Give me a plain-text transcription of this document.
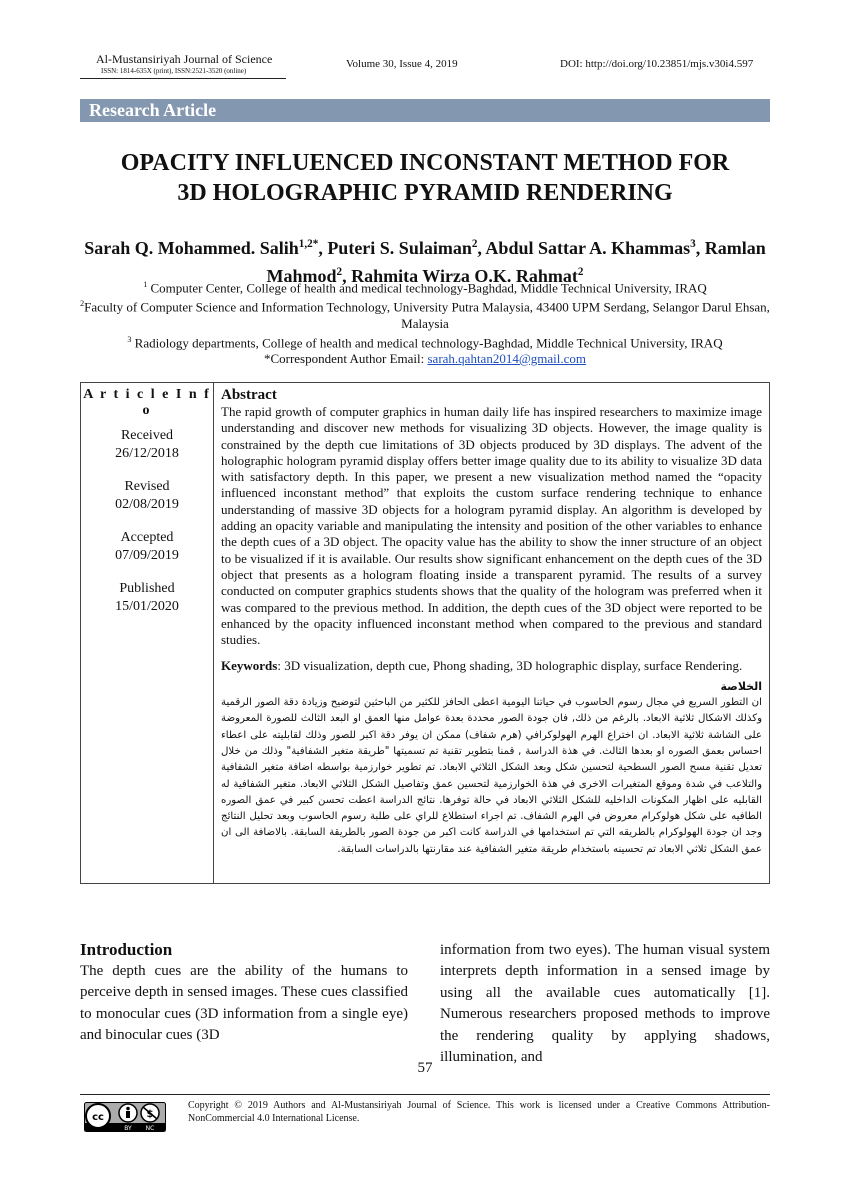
Al-Mustansiriyah Journal of Science
ISSN: 1814-635X (print), ISSN:2521-3520 (online)
Volume 30, Issue 4, 2019	DOI: http://doi.org/10.23851/mjs.v30i4.597
Research Article
OPACITY INFLUENCED INCONSTANT METHOD FOR
3D HOLOGRAPHIC PYRAMID RENDERING
Sarah Q. Mohammed. Salih$^{1,2*}$, Puteri S. Sulaiman$^2$, Abdul Sattar A. Khammas$^3$, Ramlan Mahmod$^2$, Rahmita Wirza O.K. Rahmat$^2$
$^1$ Computer Center, College of health and medical technology-Baghdad, Middle Technical University, IRAQ
$^2$Faculty of Computer Science and Information Technology, University Putra Malaysia, 43400 UPM Serdang, Selangor Darul Ehsan, Malaysia
$^3$ Radiology departments, College of health and medical technology-Baghdad, Middle Technical University, IRAQ
*Correspondent Author Email: sarah.qahtan2014@gmail.com
A r t i c l e I n f o
Received
26/12/2018
Revised
02/08/2019
Accepted
07/09/2019
Published
15/01/2020
Abstract
The rapid growth of computer graphics in human daily life has inspired researchers to maximize image understanding and discover new methods for visualizing 3D objects. However, the image quality is constrained by the depth cue limitations of 3D objects produced by 3D displays. The advent of the holographic hologram pyramid display offers better image quality due to its ability to visualize 3D data with satisfactory depth. In this paper, we present a new visualization method named the “opacity influenced inconstant method” that exploits the custom surface rendering technique to enhance understanding of massive 3D objects for a hologram pyramid display. An algorithm is developed by adding an opacity variable and manipulating the intensity and position of the other variables to enhance the depth cues of a 3D object. The opacity value has the ability to show the inner structure of an object to be visualized if it is available. Our results show significant enhancement on the depth cues of the 3D object that presents as a hologram floating inside a transparent pyramid. The results of a survey conducted on computer graphics students shows that the quality of the hologram was preferred when it was compared to the previous method. In addition, the depth cues of the 3D object were reported to be enhanced by the opacity influenced inconstant method when compared to the previous and standard studies.
Keywords: 3D visualization, depth cue, Phong shading, 3D holographic display, surface Rendering.
الخلاصة
ان التطور السريع في مجال رسوم الحاسوب في حياتنا اليومية اعطى الحافز للكثير من الباحثين لتوضيح وزيادة دقة الصور الرقمية وكذلك الاشكال ثلاثية الابعاد. بالرغم من ذلك, فان جودة الصور محددة بعدة عوامل منها العمق او البعد الثالث للصورة المعروضة على الشاشة ثلاثية الابعاد. ان اختراع الهرم الهولوكرافي (هرم شفاف) ممكن ان يوفر دقة اكبر للصور وذلك لقابليته على اعطاء احساس بعمق الصوره او بعدها الثالث. في هذة الدراسة , قمنا بتطوير تقنية تم تسميتها "طريقة متغير الشفافية" وذلك من خلال تعديل تقنية مسح الصور السطحية لتحسين شكل وبعد الشكل الثلاثي الابعاد. تم تطوير خوارزمية بواسطه اضافة متغير الشفافية والتلاعب في شدة وموقع المتغيرات الاخرى في هذة الخوارزمية لتحسين عمق وتفاصيل الشكل الثلاثي الابعاد. متغير الشفافية له القابليه على اظهار المكونات الداخليه للشكل الثلاثي الابعاد في حالة توفرها. نتائج الدراسة اعطت تحسن كبير في عمق الصوره الطافيه على شكل هولوكرام معروض في الهرم الشفاف. تم اجراء استطلاع للراي على طلبة رسوم الحاسوب وبعد تحليل النتائج وجد ان جودة الهولوكرام بالطريقه التي تم استخدامها في الدراسة كانت اكبر من جودة الصور بالطريقة السابقة. بالاضافة الى ان عمق الشكل ثلاثي الابعاد تم تحسينه باستخدام طريقة متغير الشفافية عند مقارنتها بالدراسات السابقة.
Introduction
The depth cues are the ability of the humans to perceive depth in sensed images. These cues classified to monocular cues (3D information from a single eye) and binocular cues (3D
information from two eyes). The human visual system interprets depth information in a sensed image by using all the available cues automatically [1]. Numerous researchers proposed methods to improve the rendering quality by applying shadows, illumination, and
57
cc	$
BY NC
Copyright © 2019 Authors and Al-Mustansiriyah Journal of Science. This work is licensed under a Creative Commons Attribution-NonCommercial 4.0 International License.
